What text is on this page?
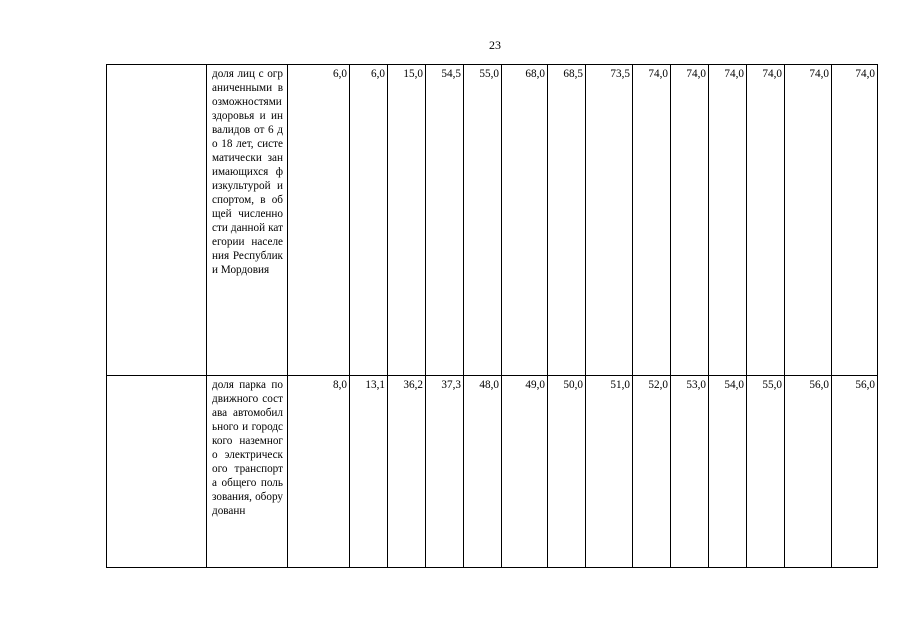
23
	доля лиц с ограниченными возможностями здоровья и инвалидов от 6 до 18 лет, систематически занимающихся физкультурой и спортом, в общей численности данной категории населения Республики Мордовия	6,0	6,0	15,0	54,5	55,0	68,0	68,5	73,5	74,0	74,0	74,0	74,0	74,0	74,0
	доля парка подвижного состава автомобильного и городского наземного электрического транспорта общего пользования, оборудованн	8,0	13,1	36,2	37,3	48,0	49,0	50,0	51,0	52,0	53,0	54,0	55,0	56,0	56,0
